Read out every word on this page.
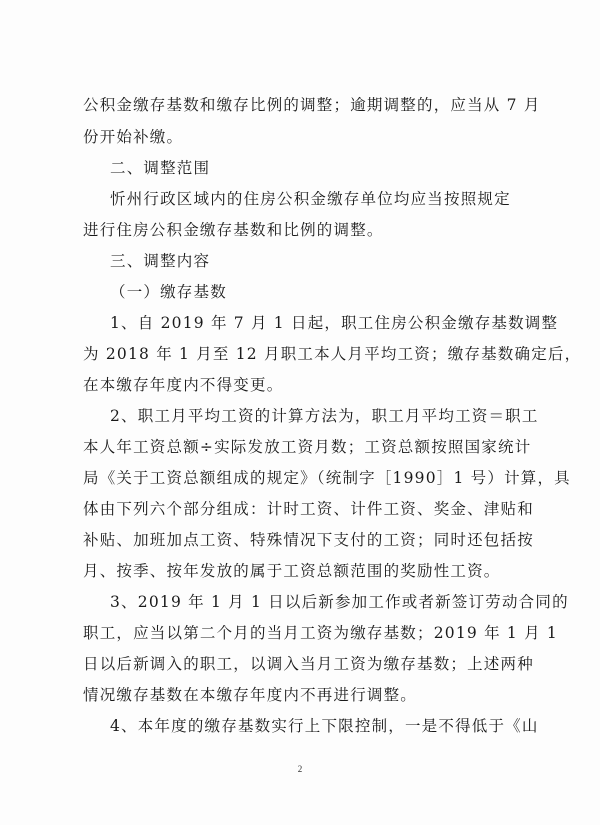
公积金缴存基数和缴存比例的调整；逾期调整的，应当从 7 月
份开始补缴。
二、调整范围
忻州行政区域内的住房公积金缴存单位均应当按照规定
进行住房公积金缴存基数和比例的调整。
三、调整内容
（一）缴存基数
1、自 2019 年 7 月 1 日起，职工住房公积金缴存基数调整
为 2018 年 1 月至 12 月职工本人月平均工资；缴存基数确定后，
在本缴存年度内不得变更。
2、职工月平均工资的计算方法为，职工月平均工资＝职工
本人年工资总额÷实际发放工资月数；工资总额按照国家统计
局《关于工资总额组成的规定》（统制字［1990］1 号）计算，具
体由下列六个部分组成：计时工资、计件工资、奖金、津贴和
补贴、加班加点工资、特殊情况下支付的工资；同时还包括按
月、按季、按年发放的属于工资总额范围的奖励性工资。
3、2019 年 1 月 1 日以后新参加工作或者新签订劳动合同的
职工，应当以第二个月的当月工资为缴存基数；2019 年 1 月 1
日以后新调入的职工，以调入当月工资为缴存基数；上述两种
情况缴存基数在本缴存年度内不再进行调整。
4、本年度的缴存基数实行上下限控制，一是不得低于《山
2
